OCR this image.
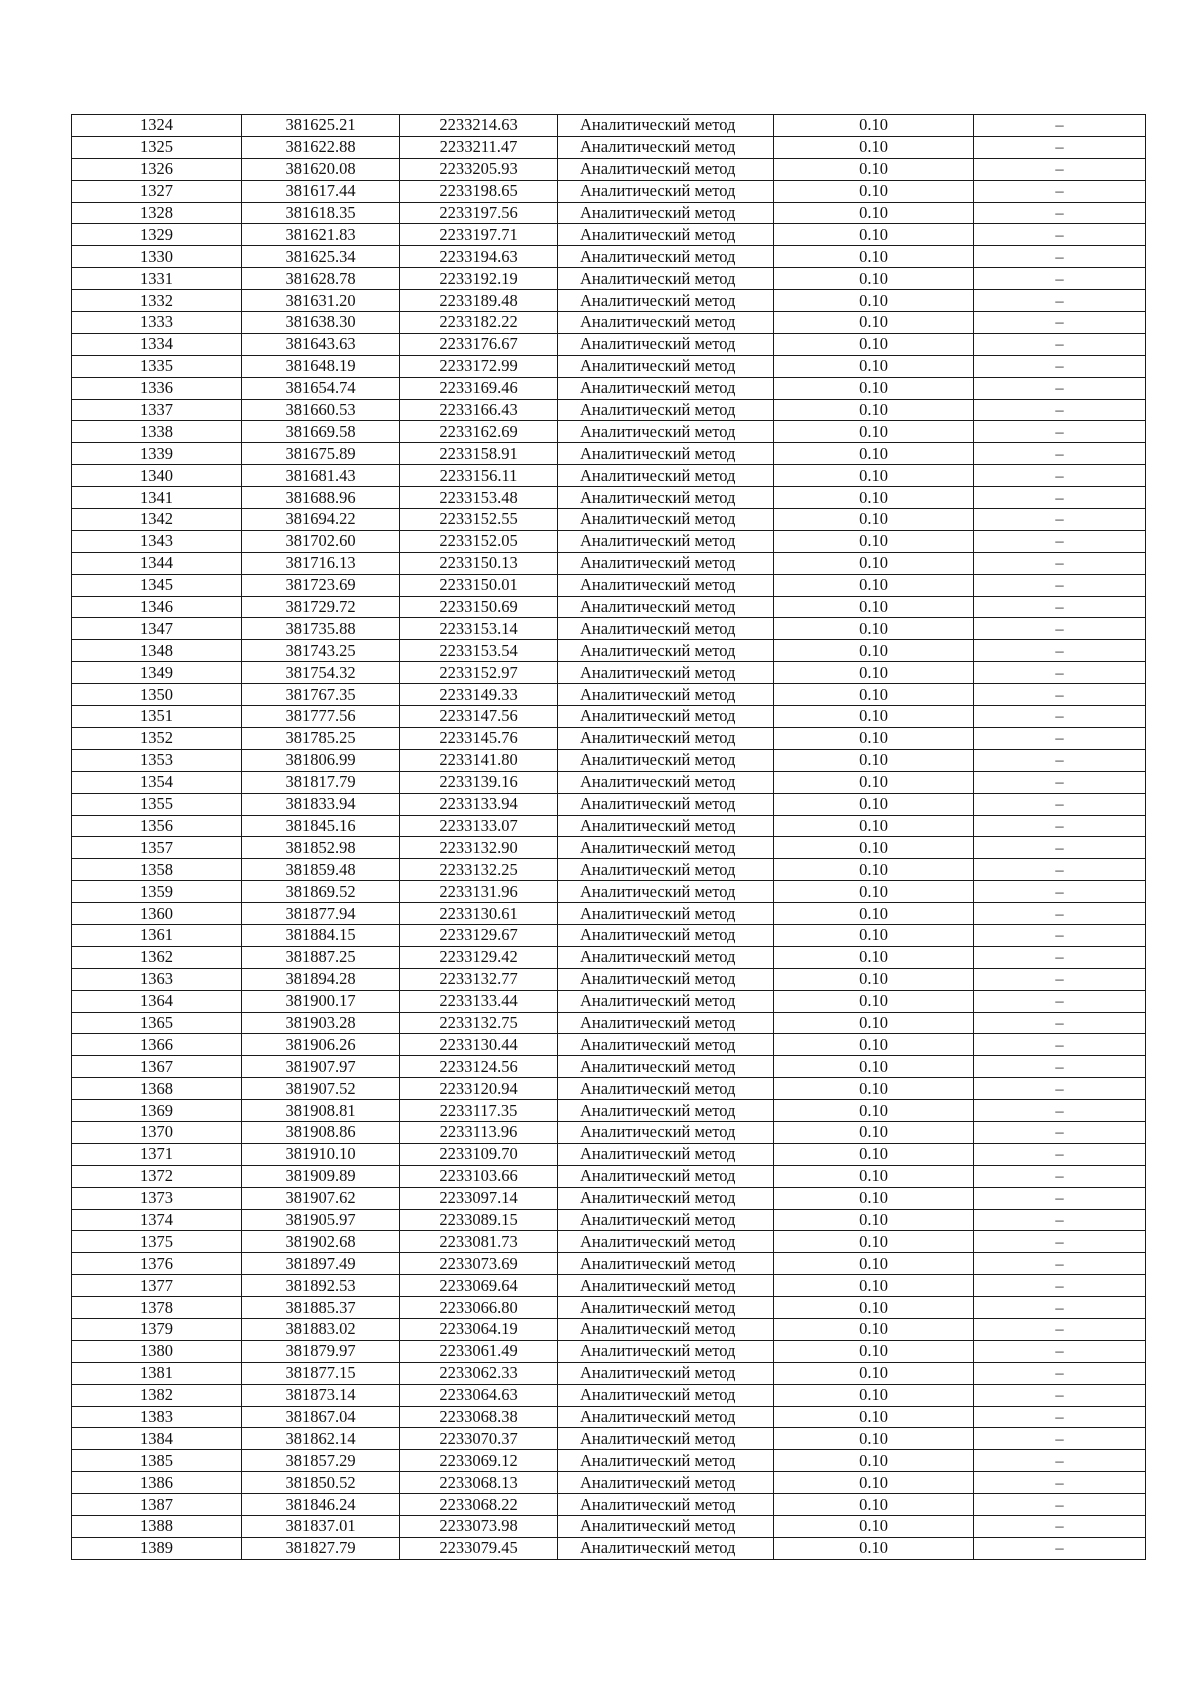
1324	381625.21	2233214.63	Аналитический метод	0.10	–
1325	381622.88	2233211.47	Аналитический метод	0.10	–
1326	381620.08	2233205.93	Аналитический метод	0.10	–
1327	381617.44	2233198.65	Аналитический метод	0.10	–
1328	381618.35	2233197.56	Аналитический метод	0.10	–
1329	381621.83	2233197.71	Аналитический метод	0.10	–
1330	381625.34	2233194.63	Аналитический метод	0.10	–
1331	381628.78	2233192.19	Аналитический метод	0.10	–
1332	381631.20	2233189.48	Аналитический метод	0.10	–
1333	381638.30	2233182.22	Аналитический метод	0.10	–
1334	381643.63	2233176.67	Аналитический метод	0.10	–
1335	381648.19	2233172.99	Аналитический метод	0.10	–
1336	381654.74	2233169.46	Аналитический метод	0.10	–
1337	381660.53	2233166.43	Аналитический метод	0.10	–
1338	381669.58	2233162.69	Аналитический метод	0.10	–
1339	381675.89	2233158.91	Аналитический метод	0.10	–
1340	381681.43	2233156.11	Аналитический метод	0.10	–
1341	381688.96	2233153.48	Аналитический метод	0.10	–
1342	381694.22	2233152.55	Аналитический метод	0.10	–
1343	381702.60	2233152.05	Аналитический метод	0.10	–
1344	381716.13	2233150.13	Аналитический метод	0.10	–
1345	381723.69	2233150.01	Аналитический метод	0.10	–
1346	381729.72	2233150.69	Аналитический метод	0.10	–
1347	381735.88	2233153.14	Аналитический метод	0.10	–
1348	381743.25	2233153.54	Аналитический метод	0.10	–
1349	381754.32	2233152.97	Аналитический метод	0.10	–
1350	381767.35	2233149.33	Аналитический метод	0.10	–
1351	381777.56	2233147.56	Аналитический метод	0.10	–
1352	381785.25	2233145.76	Аналитический метод	0.10	–
1353	381806.99	2233141.80	Аналитический метод	0.10	–
1354	381817.79	2233139.16	Аналитический метод	0.10	–
1355	381833.94	2233133.94	Аналитический метод	0.10	–
1356	381845.16	2233133.07	Аналитический метод	0.10	–
1357	381852.98	2233132.90	Аналитический метод	0.10	–
1358	381859.48	2233132.25	Аналитический метод	0.10	–
1359	381869.52	2233131.96	Аналитический метод	0.10	–
1360	381877.94	2233130.61	Аналитический метод	0.10	–
1361	381884.15	2233129.67	Аналитический метод	0.10	–
1362	381887.25	2233129.42	Аналитический метод	0.10	–
1363	381894.28	2233132.77	Аналитический метод	0.10	–
1364	381900.17	2233133.44	Аналитический метод	0.10	–
1365	381903.28	2233132.75	Аналитический метод	0.10	–
1366	381906.26	2233130.44	Аналитический метод	0.10	–
1367	381907.97	2233124.56	Аналитический метод	0.10	–
1368	381907.52	2233120.94	Аналитический метод	0.10	–
1369	381908.81	2233117.35	Аналитический метод	0.10	–
1370	381908.86	2233113.96	Аналитический метод	0.10	–
1371	381910.10	2233109.70	Аналитический метод	0.10	–
1372	381909.89	2233103.66	Аналитический метод	0.10	–
1373	381907.62	2233097.14	Аналитический метод	0.10	–
1374	381905.97	2233089.15	Аналитический метод	0.10	–
1375	381902.68	2233081.73	Аналитический метод	0.10	–
1376	381897.49	2233073.69	Аналитический метод	0.10	–
1377	381892.53	2233069.64	Аналитический метод	0.10	–
1378	381885.37	2233066.80	Аналитический метод	0.10	–
1379	381883.02	2233064.19	Аналитический метод	0.10	–
1380	381879.97	2233061.49	Аналитический метод	0.10	–
1381	381877.15	2233062.33	Аналитический метод	0.10	–
1382	381873.14	2233064.63	Аналитический метод	0.10	–
1383	381867.04	2233068.38	Аналитический метод	0.10	–
1384	381862.14	2233070.37	Аналитический метод	0.10	–
1385	381857.29	2233069.12	Аналитический метод	0.10	–
1386	381850.52	2233068.13	Аналитический метод	0.10	–
1387	381846.24	2233068.22	Аналитический метод	0.10	–
1388	381837.01	2233073.98	Аналитический метод	0.10	–
1389	381827.79	2233079.45	Аналитический метод	0.10	–
